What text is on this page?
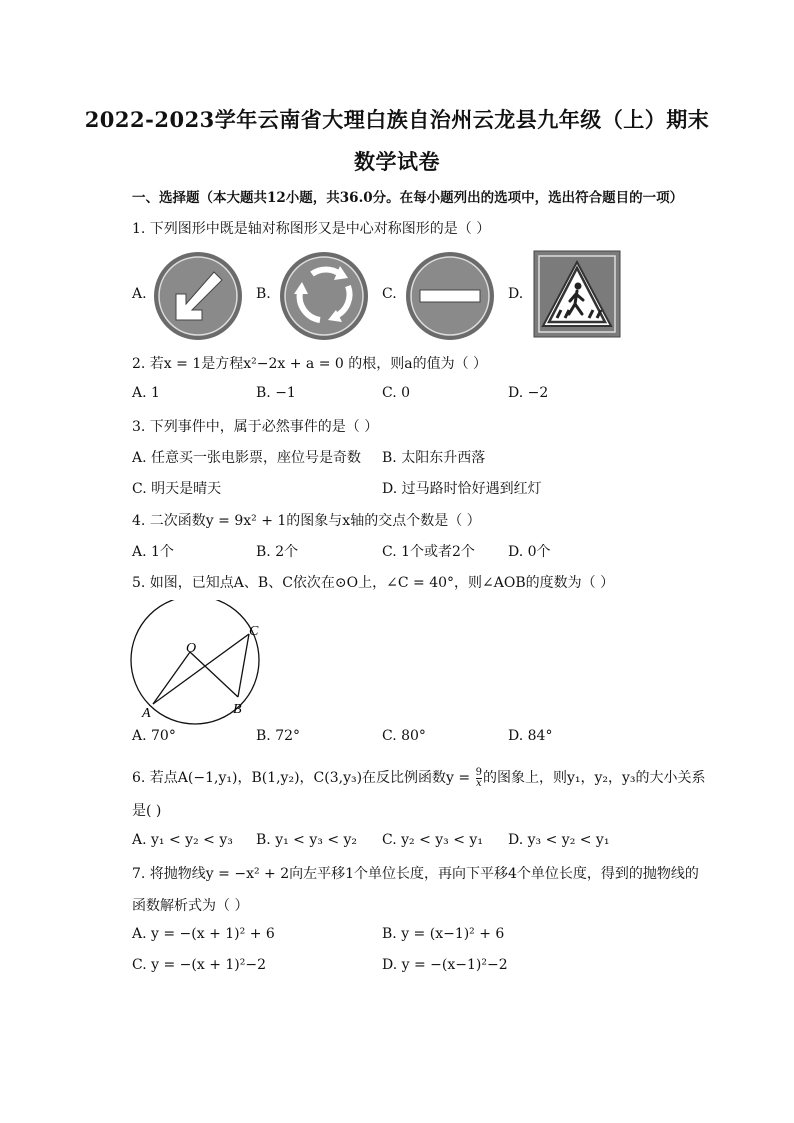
2022-2023学年云南省大理白族自治州云龙县九年级（上）期末
数学试卷
一、选择题（本大题共12小题，共36.0分。在每小题列出的选项中，选出符合题目的一项）
1. 下列图形中既是轴对称图形又是中心对称图形的是（ ）
A.	B.	C.	D.
2. 若x = 1是方程x²−2x + a = 0 的根，则a的值为（ ）
A. 1	B. −1	C. 0	D. −2
3. 下列事件中，属于必然事件的是（ ）
A. 任意买一张电影票，座位号是奇数 B. 太阳东升西落
C. 明天是晴天	D. 过马路时恰好遇到红灯
4. 二次函数y = 9x² + 1的图象与x轴的交点个数是（ ）
A. 1个	B. 2个	C. 1个或者2个 D. 0个
5. 如图，已知点A、B、C依次在⊙O上，∠C = 40°，则∠AOB的度数为（ ）
O
A	B
C
A. 70°	B. 72°	C. 80°	D. 84°
6. 若点A(−1,y₁)，B(1,y₂)，C(3,y₃)在反比例函数$y = \frac{9}{x}$ 的图象上，则y₁，y₂，y₃的大小关系
是( )
A. y₁ < y₂ < y₃ B. y₁ < y₃ < y₂ C. y₂ < y₃ < y₁ D. y₃ < y₂ < y₁
7. 将抛物线y = −x² + 2向左平移1个单位长度，再向下平移4个单位长度，得到的抛物线的
函数解析式为（ ）
A. y = −(x + 1)² + 6	B. y = (x−1)² + 6
C. y = −(x + 1)²−2	D. y = −(x−1)²−2
